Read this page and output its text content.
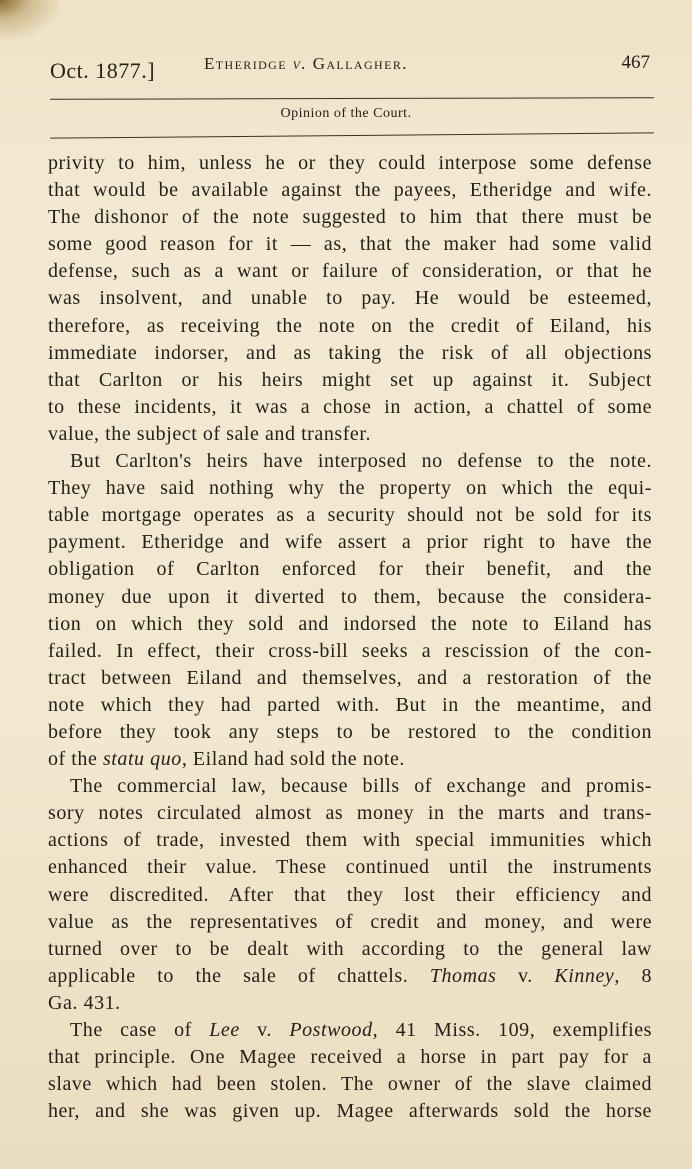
Oct. 1877.]	Etheridge v. Gallagher.	467
Opinion of the Court.

privity to him, unless he or they could interpose some defense
that would be available against the payees, Etheridge and wife.
The dishonor of the note suggested to him that there must be
some good reason for it — as, that the maker had some valid
defense, such as a want or failure of consideration, or that he
was insolvent, and unable to pay. He would be esteemed,
therefore, as receiving the note on the credit of Eiland, his
immediate indorser, and as taking the risk of all objections
that Carlton or his heirs might set up against it. Subject
to these incidents, it was a chose in action, a chattel of some
value, the subject of sale and transfer.

But Carlton's heirs have interposed no defense to the note.
They have said nothing why the property on which the equi-
table mortgage operates as a security should not be sold for its
payment. Etheridge and wife assert a prior right to have the
obligation of Carlton enforced for their benefit, and the
money due upon it diverted to them, because the considera-
tion on which they sold and indorsed the note to Eiland has
failed. In effect, their cross-bill seeks a rescission of the con-
tract between Eiland and themselves, and a restoration of the
note which they had parted with. But in the meantime, and
before they took any steps to be restored to the condition
of the statu quo, Eiland had sold the note.

The commercial law, because bills of exchange and promis-
sory notes circulated almost as money in the marts and trans-
actions of trade, invested them with special immunities which
enhanced their value. These continued until the instruments
were discredited. After that they lost their efficiency and
value as the representatives of credit and money, and were
turned over to be dealt with according to the general law
applicable to the sale of chattels. Thomas v. Kinney, 8
Ga. 431.

The case of Lee v. Postwood, 41 Miss. 109, exemplifies
that principle. One Magee received a horse in part pay for a
slave which had been stolen. The owner of the slave claimed
her, and she was given up. Magee afterwards sold the horse
